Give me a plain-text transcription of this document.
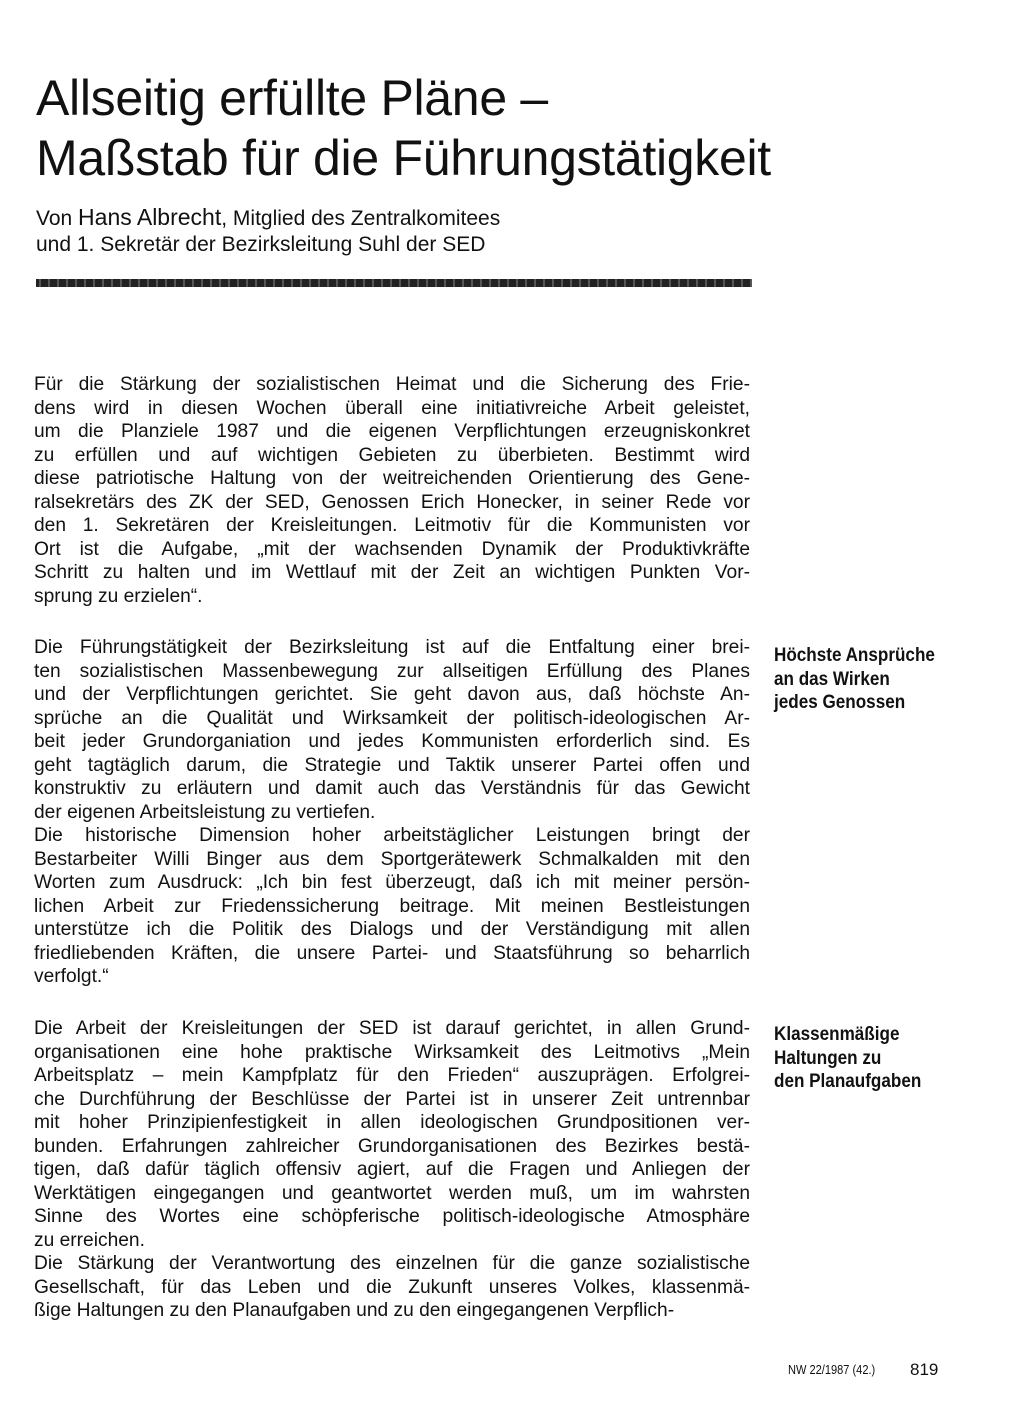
Allseitig erfüllte Pläne –
Maßstab für die Führungstätigkeit
Von Hans Albrecht, Mitglied des Zentralkomitees
und 1. Sekretär der Bezirksleitung Suhl der SED
Für die Stärkung der sozialistischen Heimat und die Sicherung des Frie-
dens wird in diesen Wochen überall eine initiativreiche Arbeit geleistet,
um die Planziele 1987 und die eigenen Verpflichtungen erzeugniskonkret
zu erfüllen und auf wichtigen Gebieten zu überbieten. Bestimmt wird
diese patriotische Haltung von der weitreichenden Orientierung des Gene-
ralsekretärs des ZK der SED, Genossen Erich Honecker, in seiner Rede vor
den 1. Sekretären der Kreisleitungen. Leitmotiv für die Kommunisten vor
Ort ist die Aufgabe, „mit der wachsenden Dynamik der Produktivkräfte
Schritt zu halten und im Wettlauf mit der Zeit an wichtigen Punkten Vor-
sprung zu erzielen“.
Die Führungstätigkeit der Bezirksleitung ist auf die Entfaltung einer brei-
ten sozialistischen Massenbewegung zur allseitigen Erfüllung des Planes
und der Verpflichtungen gerichtet. Sie geht davon aus, daß höchste An-
sprüche an die Qualität und Wirksamkeit der politisch-ideologischen Ar-
beit jeder Grundorganiation und jedes Kommunisten erforderlich sind. Es
geht tagtäglich darum, die Strategie und Taktik unserer Partei offen und
konstruktiv zu erläutern und damit auch das Verständnis für das Gewicht
der eigenen Arbeitsleistung zu vertiefen.
Die historische Dimension hoher arbeitstäglicher Leistungen bringt der
Bestarbeiter Willi Binger aus dem Sportgerätewerk Schmalkalden mit den
Worten zum Ausdruck: „Ich bin fest überzeugt, daß ich mit meiner persön-
lichen Arbeit zur Friedenssicherung beitrage. Mit meinen Bestleistungen
unterstütze ich die Politik des Dialogs und der Verständigung mit allen
friedliebenden Kräften, die unsere Partei- und Staatsführung so beharrlich
verfolgt.“
Die Arbeit der Kreisleitungen der SED ist darauf gerichtet, in allen Grund-
organisationen eine hohe praktische Wirksamkeit des Leitmotivs „Mein
Arbeitsplatz – mein Kampfplatz für den Frieden“ auszuprägen. Erfolgrei-
che Durchführung der Beschlüsse der Partei ist in unserer Zeit untrennbar
mit hoher Prinzipienfestigkeit in allen ideologischen Grundpositionen ver-
bunden. Erfahrungen zahlreicher Grundorganisationen des Bezirkes bestä-
tigen, daß dafür täglich offensiv agiert, auf die Fragen und Anliegen der
Werktätigen eingegangen und geantwortet werden muß, um im wahrsten
Sinne des Wortes eine schöpferische politisch-ideologische Atmosphäre
zu erreichen.
Die Stärkung der Verantwortung des einzelnen für die ganze sozialistische
Gesellschaft, für das Leben und die Zukunft unseres Volkes, klassenmä-
ßige Haltungen zu den Planaufgaben und zu den eingegangenen Verpflich-
Höchste Ansprüche
an das Wirken
jedes Genossen
Klassenmäßige
Haltungen zu
den Planaufgaben
NW 22/1987 (42.) 819
